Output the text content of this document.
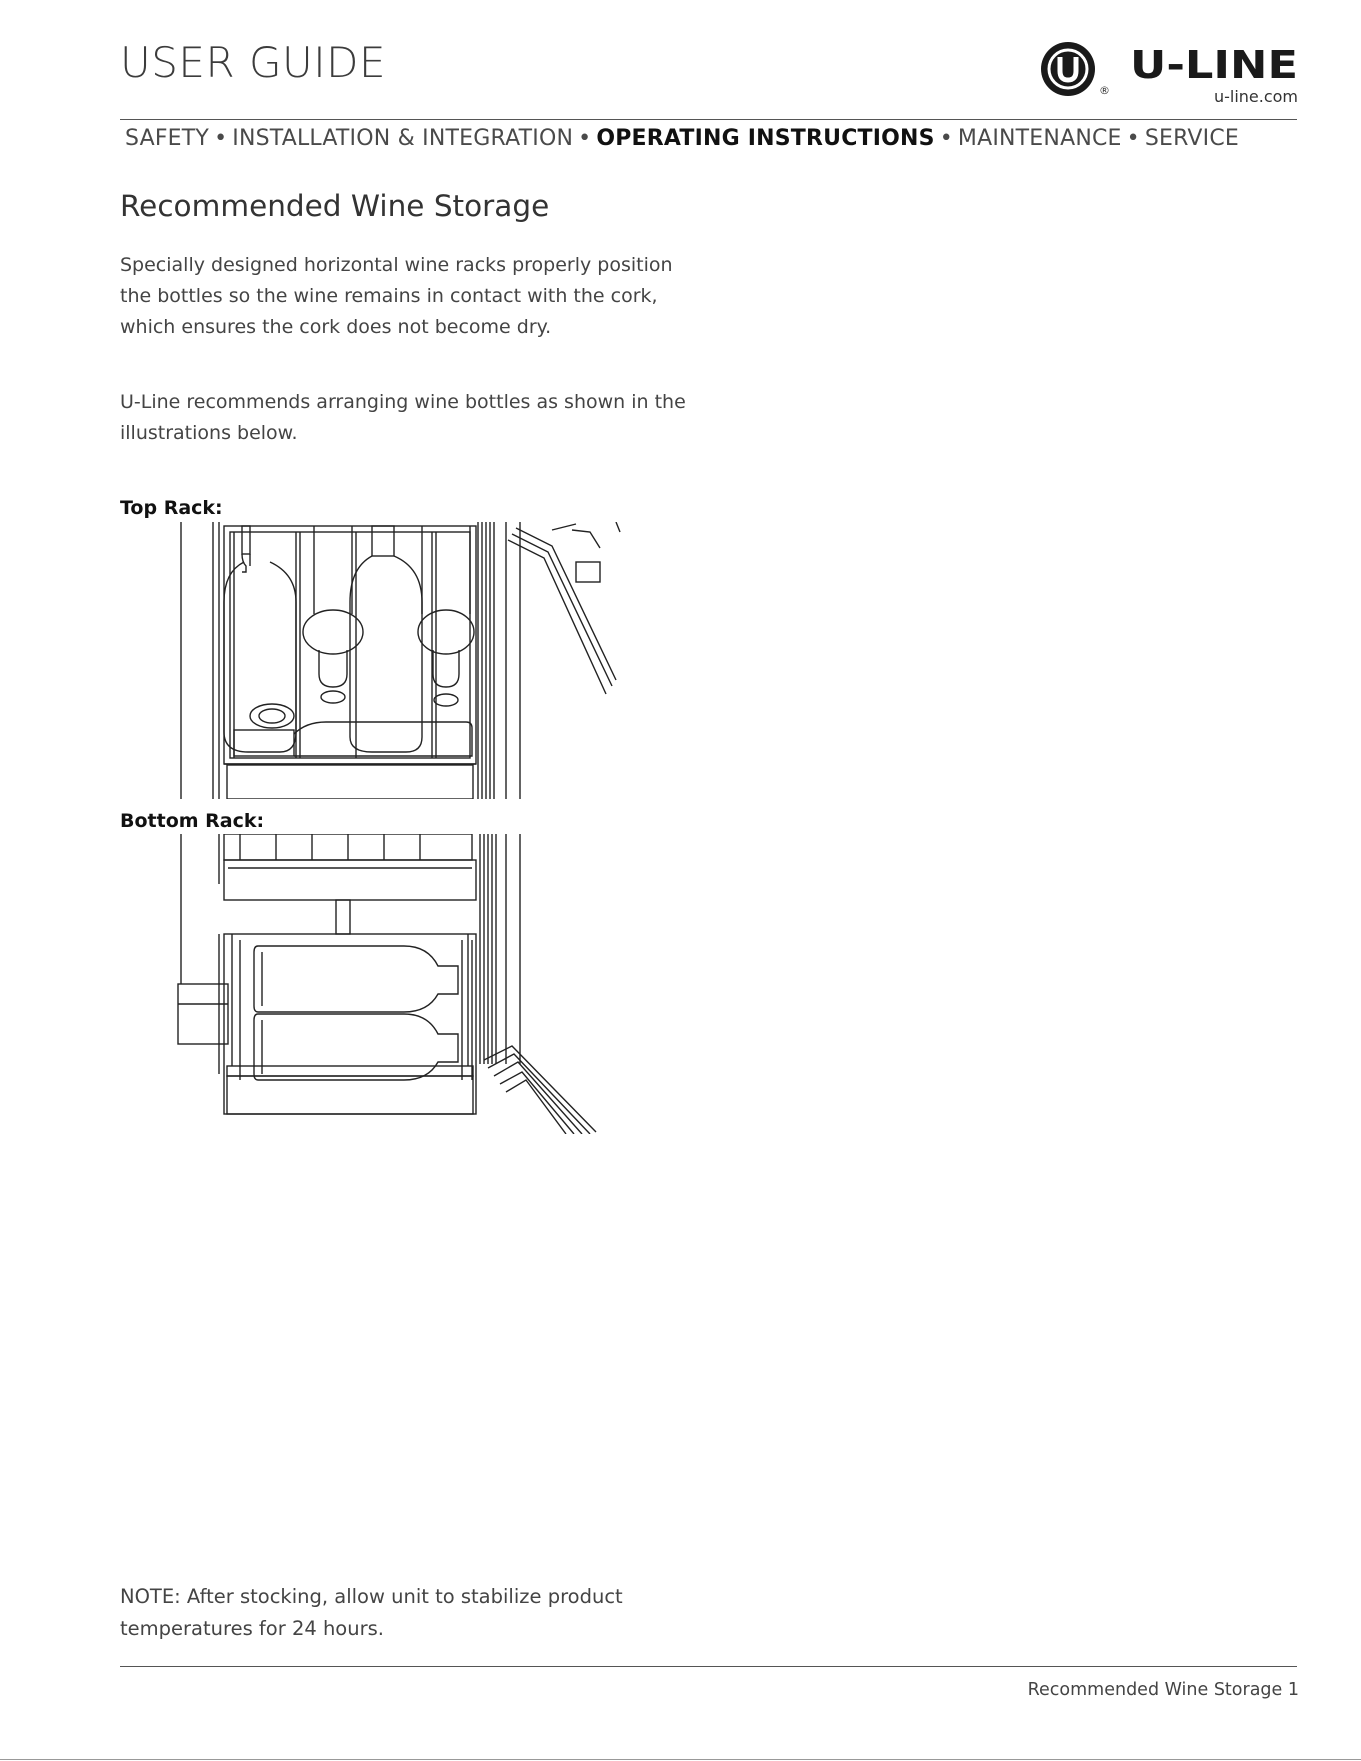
USER GUIDE
®
U-LINE
u-line.com
SAFETY • INSTALLATION & INTEGRATION • OPERATING INSTRUCTIONS • MAINTENANCE • SERVICE
Recommended Wine Storage
Specially designed horizontal wine racks properly position the bottles so the wine remains in contact with the cork, which ensures the cork does not become dry.
U-Line recommends arranging wine bottles as shown in the illustrations below.
Top Rack:
Bottom Rack:
NOTE: After stocking, allow unit to stabilize product temperatures for 24 hours.
Recommended Wine Storage 1
